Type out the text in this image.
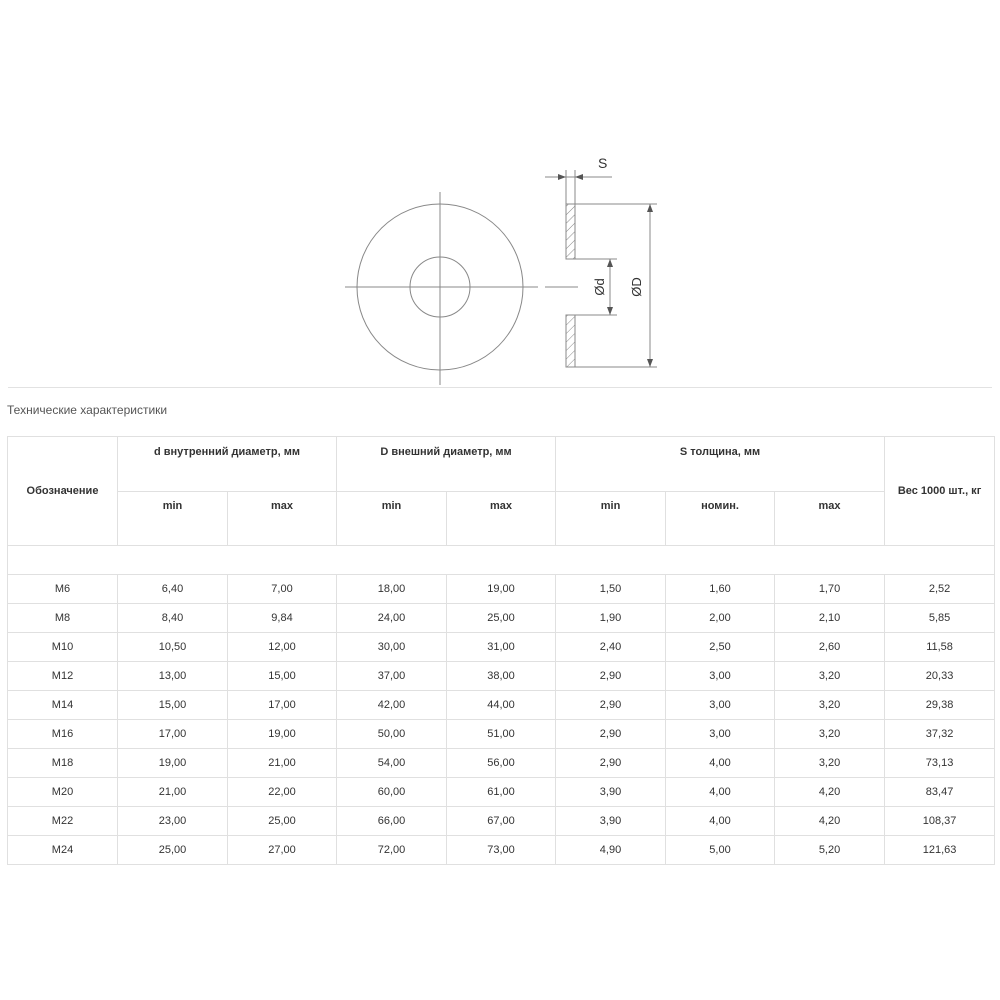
S
Ød ØD
Технические характеристики
Обозначение	d внутренний диаметр, мм		D внешний диаметр, мм		S толщина, мм			Вес 1000 шт., кг
	min	max	min	max	min	номин.	max	

M6	6,40	7,00	18,00	19,00	1,50	1,60	1,70	2,52
M8	8,40	9,84	24,00	25,00	1,90	2,00	2,10	5,85
M10	10,50	12,00	30,00	31,00	2,40	2,50	2,60	11,58
M12	13,00	15,00	37,00	38,00	2,90	3,00	3,20	20,33
M14	15,00	17,00	42,00	44,00	2,90	3,00	3,20	29,38
M16	17,00	19,00	50,00	51,00	2,90	3,00	3,20	37,32
M18	19,00	21,00	54,00	56,00	2,90	4,00	3,20	73,13
M20	21,00	22,00	60,00	61,00	3,90	4,00	4,20	83,47
M22	23,00	25,00	66,00	67,00	3,90	4,00	4,20	108,37
M24	25,00	27,00	72,00	73,00	4,90	5,00	5,20	121,63
